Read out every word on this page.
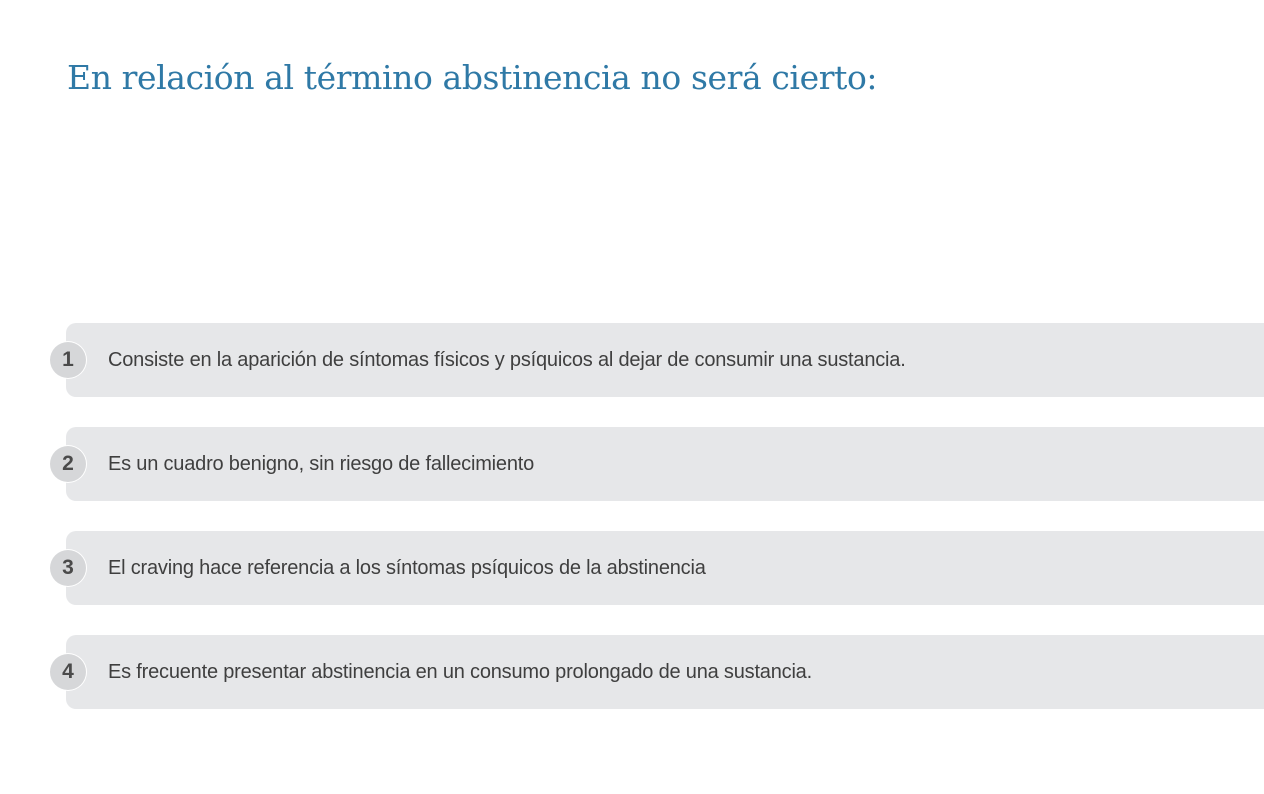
En relación al término abstinencia no será cierto:
1	Consiste en la aparición de síntomas físicos y psíquicos al dejar de consumir una sustancia.
2	Es un cuadro benigno, sin riesgo de fallecimiento
3	El craving hace referencia a los síntomas psíquicos de la abstinencia
4	Es frecuente presentar abstinencia en un consumo prolongado de una sustancia.
